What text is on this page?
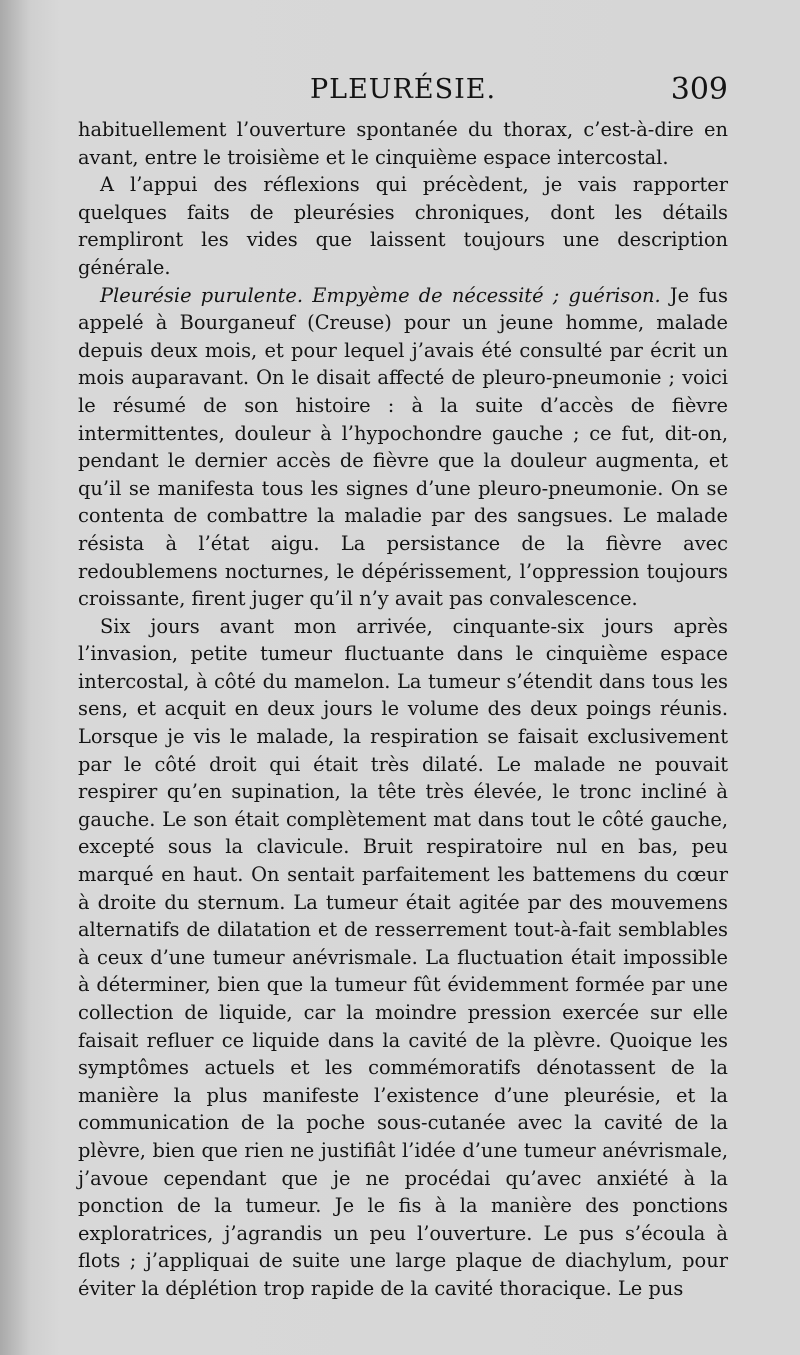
PLEURÉSIE.	309

habituellement l’ouverture spontanée du thorax, c’est-à-dire en avant, entre le troisième et le cinquième espace intercostal.

A l’appui des réflexions qui précèdent, je vais rapporter quelques faits de pleurésies chroniques, dont les détails rempliront les vides que laissent toujours une description générale.

Pleurésie purulente. Empyème de nécessité ; guérison. Je fus appelé à Bourganeuf (Creuse) pour un jeune homme, malade depuis deux mois, et pour lequel j’avais été consulté par écrit un mois auparavant. On le disait affecté de pleuro-pneumonie ; voici le résumé de son histoire : à la suite d’accès de fièvre intermittentes, douleur à l’hypochondre gauche ; ce fut, dit-on, pendant le dernier accès de fièvre que la douleur augmenta, et qu’il se manifesta tous les signes d’une pleuro-pneumonie. On se contenta de combattre la maladie par des sangsues. Le malade résista à l’état aigu. La persistance de la fièvre avec redoublemens nocturnes, le dépérissement, l’oppression toujours croissante, firent juger qu’il n’y avait pas convalescence.

Six jours avant mon arrivée, cinquante-six jours après l’invasion, petite tumeur fluctuante dans le cinquième espace intercostal, à côté du mamelon. La tumeur s’étendit dans tous les sens, et acquit en deux jours le volume des deux poings réunis. Lorsque je vis le malade, la respiration se faisait exclusivement par le côté droit qui était très dilaté. Le malade ne pouvait respirer qu’en supination, la tête très élevée, le tronc incliné à gauche. Le son était complètement mat dans tout le côté gauche, excepté sous la clavicule. Bruit respiratoire nul en bas, peu marqué en haut. On sentait parfaitement les battemens du cœur à droite du sternum. La tumeur était agitée par des mouvemens alternatifs de dilatation et de resserrement tout-à-fait semblables à ceux d’une tumeur anévrismale. La fluctuation était impossible à déterminer, bien que la tumeur fût évidemment formée par une collection de liquide, car la moindre pression exercée sur elle faisait refluer ce liquide dans la cavité de la plèvre. Quoique les symptômes actuels et les commémoratifs dénotassent de la manière la plus manifeste l’existence d’une pleurésie, et la communication de la poche sous-cutanée avec la cavité de la plèvre, bien que rien ne justifiât l’idée d’une tumeur anévrismale, j’avoue cependant que je ne procédai qu’avec anxiété à la ponction de la tumeur. Je le fis à la manière des ponctions exploratrices, j’agrandis un peu l’ouverture. Le pus s’écoula à flots ; j’appliquai de suite une large plaque de diachylum, pour éviter la déplétion trop rapide de la cavité thoracique. Le pus
